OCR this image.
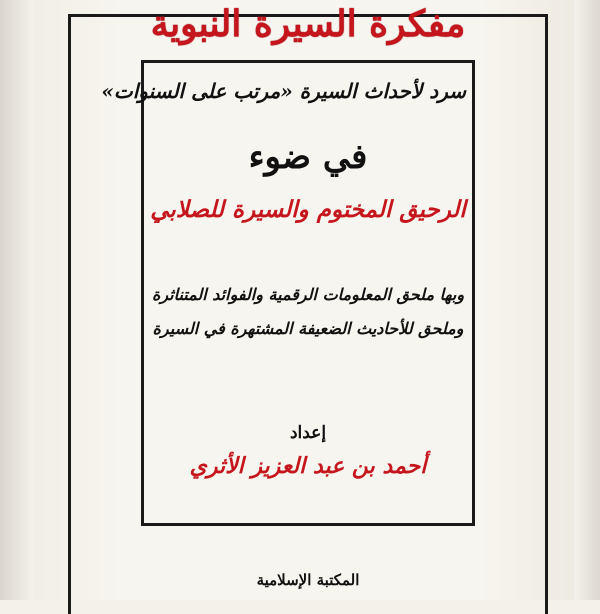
مفكرة السيرة النبوية
سرد لأحداث السيرة «مرتب على السنوات»
في ضوء
الرحيق المختوم والسيرة للصلابي
وبها ملحق المعلومات الرقمية والفوائد المتناثرة
وملحق للأحاديث الضعيفة المشتهرة في السيرة
إعداد
أحمد بن عبد العزيز الأثري
المكتبة الإسلامية
